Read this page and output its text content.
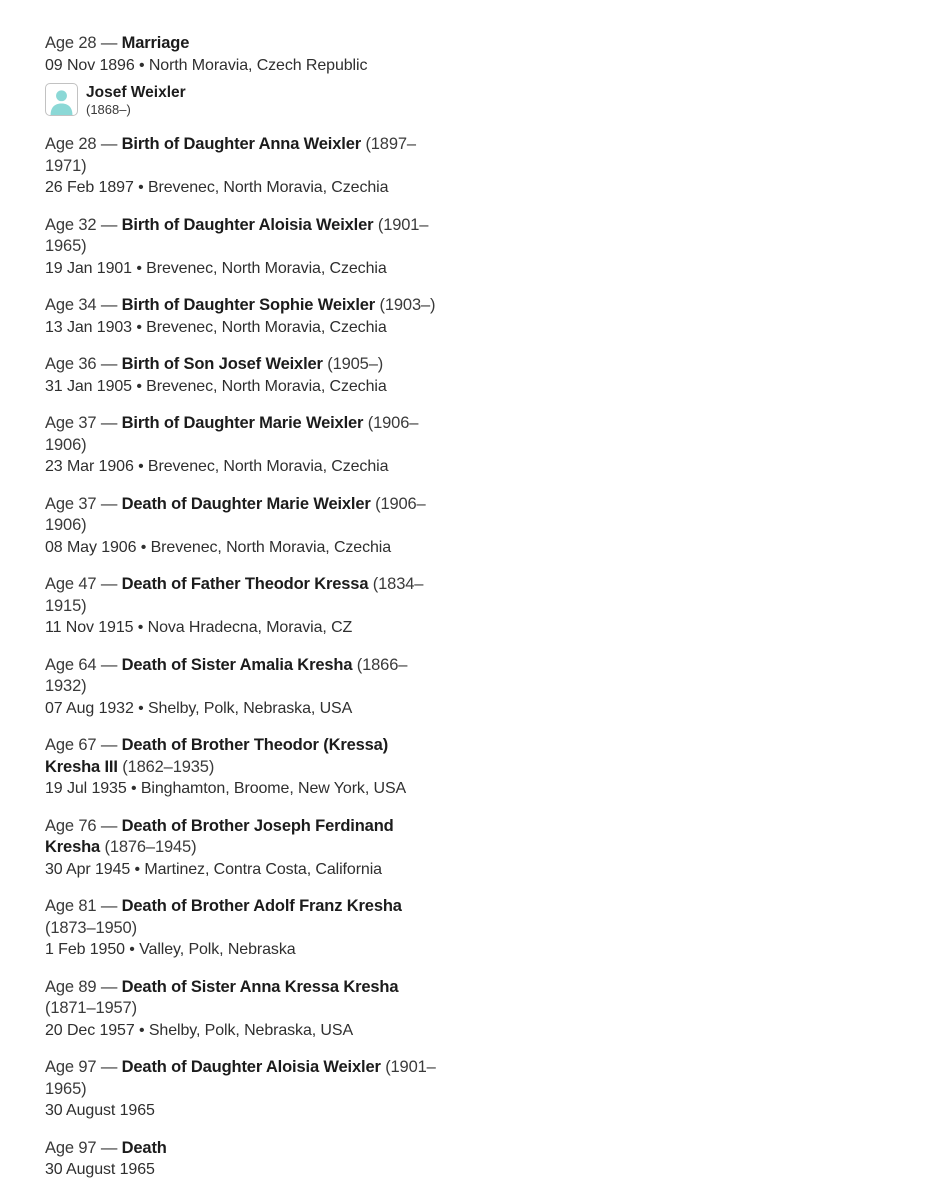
Age 28 — Marriage
09 Nov 1896 • North Moravia, Czech Republic
Josef Weixler
(1868–)
Age 28 — Birth of Daughter Anna Weixler (1897–1971)
26 Feb 1897 • Brevenec, North Moravia, Czechia
Age 32 — Birth of Daughter Aloisia Weixler (1901–1965)
19 Jan 1901 • Brevenec, North Moravia, Czechia
Age 34 — Birth of Daughter Sophie Weixler (1903–)
13 Jan 1903 • Brevenec, North Moravia, Czechia
Age 36 — Birth of Son Josef Weixler (1905–)
31 Jan 1905 • Brevenec, North Moravia, Czechia
Age 37 — Birth of Daughter Marie Weixler (1906–1906)
23 Mar 1906 • Brevenec, North Moravia, Czechia
Age 37 — Death of Daughter Marie Weixler (1906–1906)
08 May 1906 • Brevenec, North Moravia, Czechia
Age 47 — Death of Father Theodor Kressa (1834–1915)
11 Nov 1915 • Nova Hradecna, Moravia, CZ
Age 64 — Death of Sister Amalia Kresha (1866–1932)
07 Aug 1932 • Shelby, Polk, Nebraska, USA
Age 67 — Death of Brother Theodor (Kressa) Kresha III (1862–1935)
19 Jul 1935 • Binghamton, Broome, New York, USA
Age 76 — Death of Brother Joseph Ferdinand Kresha (1876–1945)
30 Apr 1945 • Martinez, Contra Costa, California
Age 81 — Death of Brother Adolf Franz Kresha (1873–1950)
1 Feb 1950 • Valley, Polk, Nebraska
Age 89 — Death of Sister Anna Kressa Kresha (1871–1957)
20 Dec 1957 • Shelby, Polk, Nebraska, USA
Age 97 — Death of Daughter Aloisia Weixler (1901–1965)
30 August 1965
Age 97 — Death
30 August 1965
